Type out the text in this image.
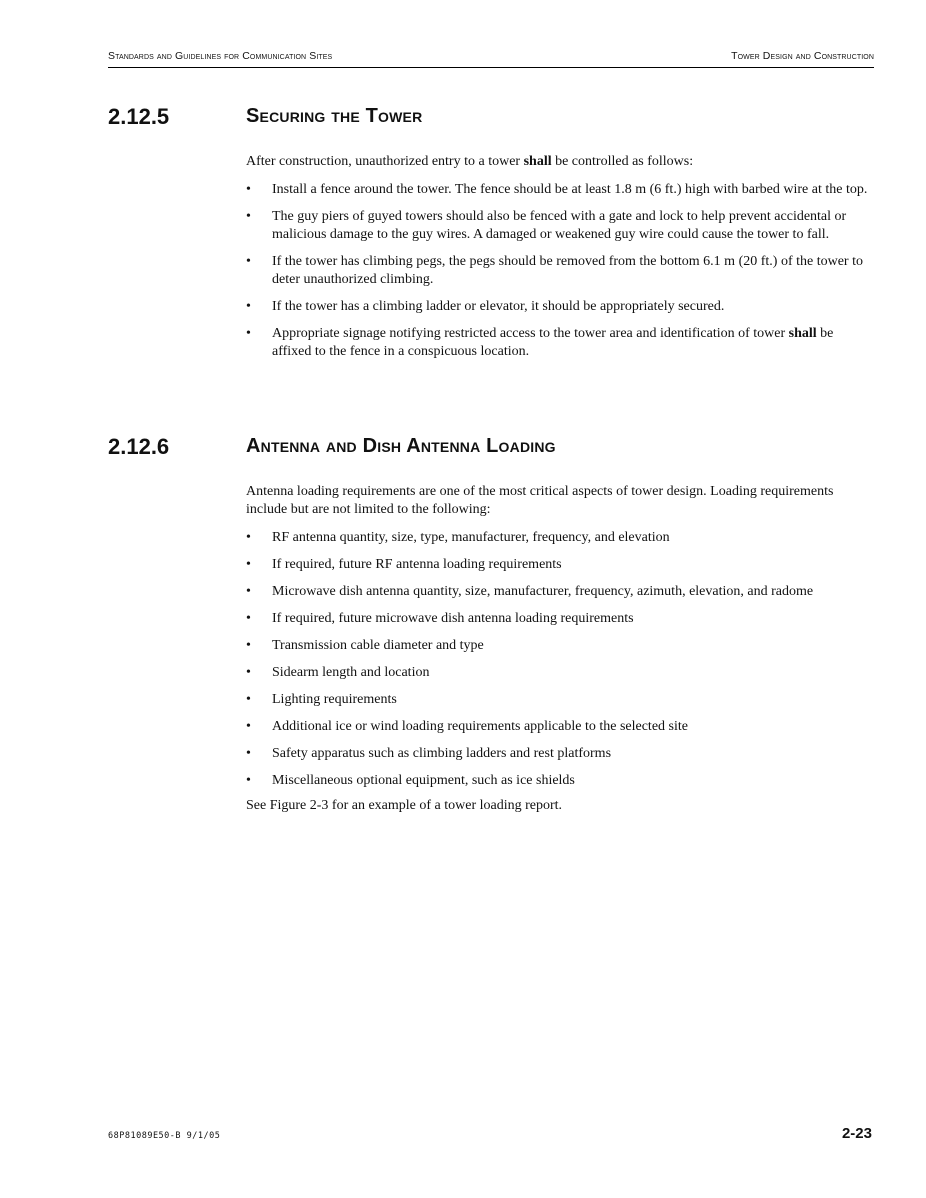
Standards and Guidelines for Communication Sites	Tower Design and Construction
2.12.5	Securing the Tower

After construction, unauthorized entry to a tower shall be controlled as follows:

•	Install a fence around the tower. The fence should be at least 1.8 m (6 ft.) high with barbed wire at the top.
•	The guy piers of guyed towers should also be fenced with a gate and lock to help prevent accidental or malicious damage to the guy wires. A damaged or weakened guy wire could cause the tower to fall.
•	If the tower has climbing pegs, the pegs should be removed from the bottom 6.1 m (20 ft.) of the tower to deter unauthorized climbing.
•	If the tower has a climbing ladder or elevator, it should be appropriately secured.
•	Appropriate signage notifying restricted access to the tower area and identification of tower shall be affixed to the fence in a conspicuous location.
2.12.6	Antenna and Dish Antenna Loading

Antenna loading requirements are one of the most critical aspects of tower design. Loading requirements include but are not limited to the following:

•	RF antenna quantity, size, type, manufacturer, frequency, and elevation
•	If required, future RF antenna loading requirements
•	Microwave dish antenna quantity, size, manufacturer, frequency, azimuth, elevation, and radome
•	If required, future microwave dish antenna loading requirements
•	Transmission cable diameter and type
•	Sidearm length and location
•	Lighting requirements
•	Additional ice or wind loading requirements applicable to the selected site
•	Safety apparatus such as climbing ladders and rest platforms
•	Miscellaneous optional equipment, such as ice shields

See Figure 2-3 for an example of a tower loading report.

68P81089E50-B 9/1/05	2-23
